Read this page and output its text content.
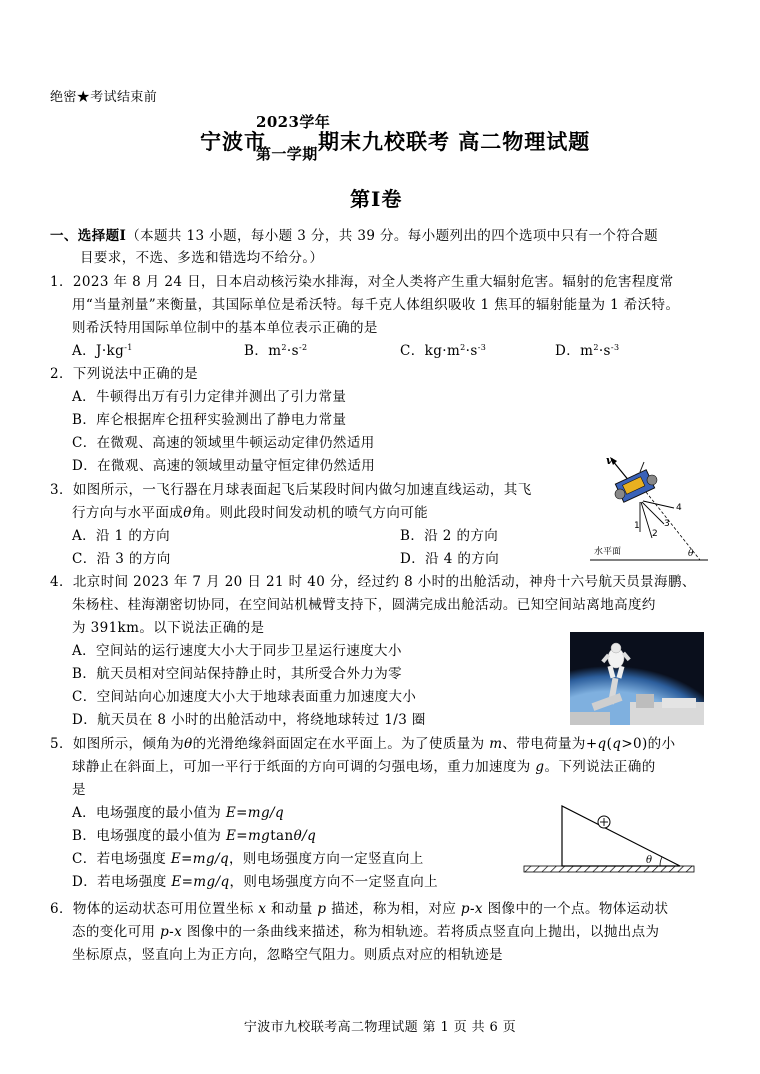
绝密★考试结束前
宁波市
2023学年
第一学期 期末九校联考 高二物理试题
第Ⅰ卷
一、选择题Ⅰ（本题共 13 小题，每小题 3 分，共 39 分。每小题列出的四个选项中只有一个符合题
目要求，不选、多选和错选均不给分。）
1．2023 年 8 月 24 日，日本启动核污染水排海，对全人类将产生重大辐射危害。辐射的危害程度常
用“当量剂量”来衡量，其国际单位是希沃特。每千克人体组织吸收 1 焦耳的辐射能量为 1 希沃特。
则希沃特用国际单位制中的基本单位表示正确的是
A．$J\cdot kg^{-1}$	B．$m^2\cdot s^{-2}$	C．$kg\cdot m^2\cdot s^{-3}$	D．$m^2\cdot s^{-3}$
2．下列说法中正确的是
A．牛顿得出万有引力定律并测出了引力常量
B．库仑根据库仑扭秤实验测出了静电力常量
C．在微观、高速的领域里牛顿运动定律仍然适用
D．在微观、高速的领域里动量守恒定律仍然适用
3．如图所示，一飞行器在月球表面起飞后某段时间内做匀加速直线运动，其飞
行方向与水平面成θ角。则此段时间发动机的喷气方向可能
A．沿 1 的方向	B．沿 2 的方向
C．沿 3 的方向	D．沿 4 的方向	水平面
v
1
2
3
4
θ
4．北京时间 2023 年 7 月 20 日 21 时 40 分，经过约 8 小时的出舱活动，神舟十六号航天员景海鹏、
朱杨柱、桂海潮密切协同，在空间站机械臂支持下，圆满完成出舱活动。已知空间站离地高度约
为 391km。以下说法正确的是
A．空间站的运行速度大小大于同步卫星运行速度大小
B．航天员相对空间站保持静止时，其所受合外力为零
C．空间站向心加速度大小大于地球表面重力加速度大小
D．航天员在 8 小时的出舱活动中，将绕地球转过 1/3 圈
5．如图所示，倾角为θ的光滑绝缘斜面固定在水平面上。为了使质量为 m、带电荷量为+q(q>0)的小
球静止在斜面上，可加一平行于纸面的方向可调的匀强电场，重力加速度为 g。下列说法正确的
是
A．电场强度的最小值为 E=mg/q
B．电场强度的最小值为 E=mgtanθ/q
C．若电场强度 E=mg/q，则电场强度方向一定竖直向上
D．若电场强度 E=mg/q，则电场强度方向不一定竖直向上
θ
6．物体的运动状态可用位置坐标 x 和动量 p 描述，称为相，对应 p-x 图像中的一个点。物体运动状
态的变化可用 p-x 图像中的一条曲线来描述，称为相轨迹。若将质点竖直向上抛出，以抛出点为
坐标原点，竖直向上为正方向，忽略空气阻力。则质点对应的相轨迹是
宁波市九校联考高二物理试题 第 1 页 共 6 页
